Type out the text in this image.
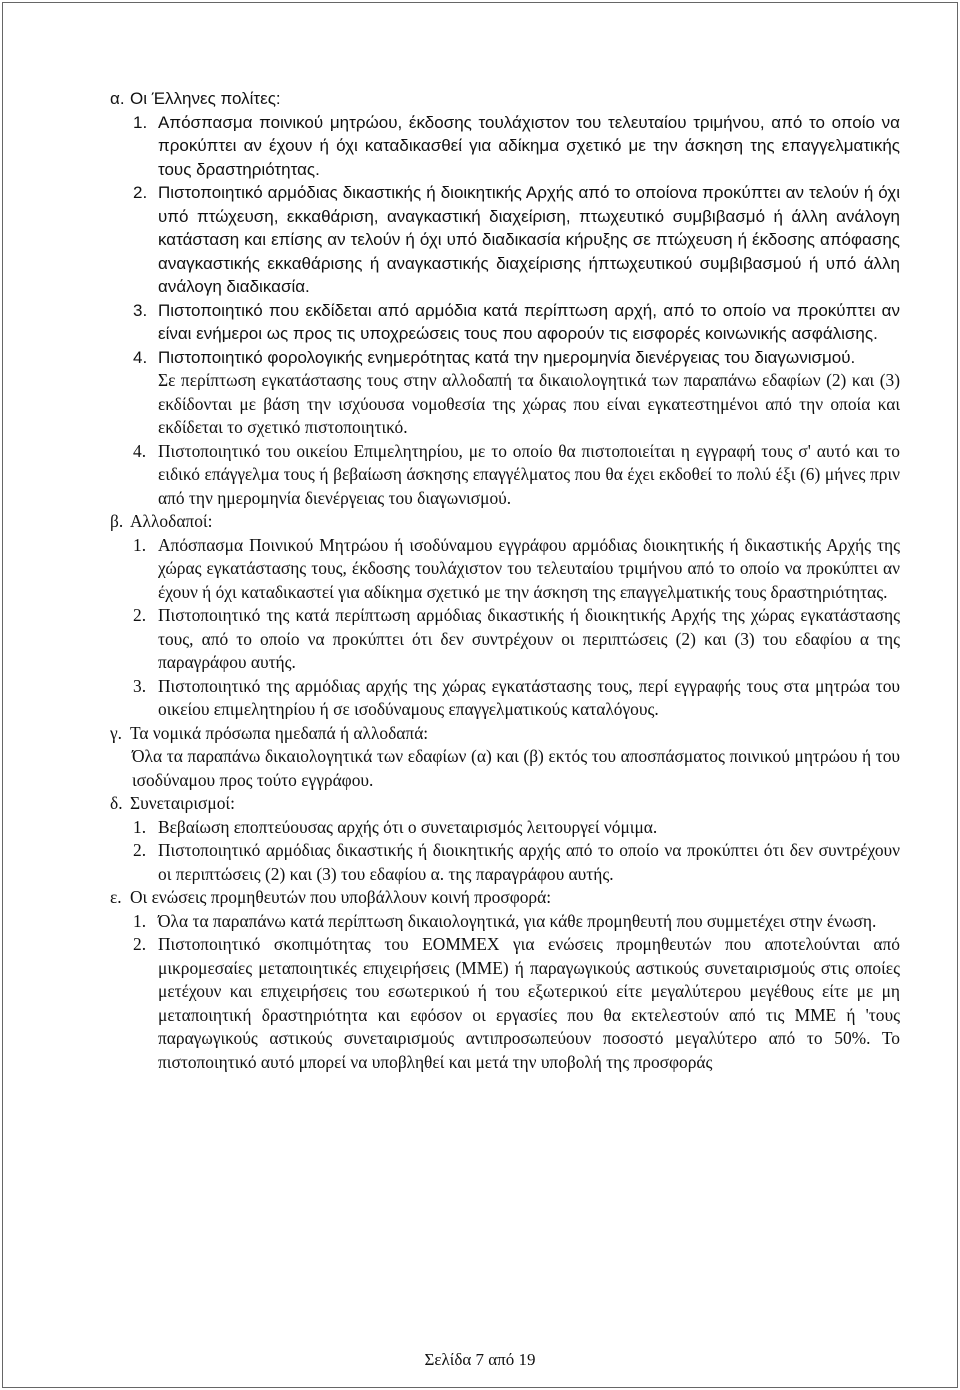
α. Οι Έλληνες πολίτες:
1. Απόσπασμα ποινικού μητρώου, έκδοσης τουλάχιστον του τελευταίου τριμήνου, από το οποίο να προκύπτει αν έχουν ή όχι καταδικασθεί για αδίκημα σχετικό με την άσκηση της επαγγελματικής τους δραστηριότητας.
2. Πιστοποιητικό αρμόδιας δικαστικής ή διοικητικής Αρχής από το οποίονα προκύπτει αν τελούν ή όχι υπό πτώχευση, εκκαθάριση, αναγκαστική διαχείριση, πτωχευτικό συμβιβασμό ή άλλη ανάλογη κατάσταση και επίσης αν τελούν ή όχι υπό διαδικασία κήρυξης σε πτώχευση ή έκδοσης απόφασης αναγκαστικής εκκαθάρισης ή αναγκαστικής διαχείρισης ήπτωχευτικού συμβιβασμού ή υπό άλλη ανάλογη διαδικασία.
3. Πιστοποιητικό που εκδίδεται από αρμόδια κατά περίπτωση αρχή, από το οποίο να προκύπτει αν είναι ενήμεροι ως προς τις υποχρεώσεις τους που αφορούν τις εισφορές κοινωνικής ασφάλισης.
4. Πιστοποιητικό φορολογικής ενημερότητας κατά την ημερομηνία διενέργειας του διαγωνισμού.
Σε περίπτωση εγκατάστασης τους στην αλλοδαπή τα δικαιολογητικά των παραπάνω εδαφίων (2) και (3) εκδίδονται με βάση την ισχύουσα νομοθεσία της χώρας που είναι εγκατεστημένοι από την οποία και εκδίδεται το σχετικό πιστοποιητικό.
4. Πιστοποιητικό του οικείου Επιμελητηρίου, με το οποίο θα πιστοποιείται η εγγραφή τους σ' αυτό και το ειδικό επάγγελμα τους ή βεβαίωση άσκησης επαγγέλματος που θα έχει εκδοθεί το πολύ έξι (6) μήνες πριν από την ημερομηνία διενέργειας του διαγωνισμού.
β. Αλλοδαποί:
1. Απόσπασμα Ποινικού Μητρώου ή ισοδύναμου εγγράφου αρμόδιας διοικητικής ή δικαστικής Αρχής της χώρας εγκατάστασης τους, έκδοσης τουλάχιστον του τελευταίου τριμήνου από το οποίο να προκύπτει αν έχουν ή όχι καταδικαστεί για αδίκημα σχετικό με την άσκηση της επαγγελματικής τους δραστηριότητας.
2. Πιστοποιητικό της κατά περίπτωση αρμόδιας δικαστικής ή διοικητικής Αρχής της χώρας εγκατάστασης τους, από το οποίο να προκύπτει ότι δεν συντρέχουν οι περιπτώσεις (2) και (3) του εδαφίου α της παραγράφου αυτής.
3. Πιστοποιητικό της αρμόδιας αρχής της χώρας εγκατάστασης τους, περί εγγραφής τους στα μητρώα του οικείου επιμελητηρίου ή σε ισοδύναμους επαγγελματικούς καταλόγους.
γ. Τα νομικά πρόσωπα ημεδαπά ή αλλοδαπά:
Όλα τα παραπάνω δικαιολογητικά των εδαφίων (α) και (β) εκτός του αποσπάσματος ποινικού μητρώου ή του ισοδύναμου προς τούτο εγγράφου.
δ. Συνεταιρισμοί:
1. Βεβαίωση εποπτεύουσας αρχής ότι ο συνεταιρισμός λειτουργεί νόμιμα.
2. Πιστοποιητικό αρμόδιας δικαστικής ή διοικητικής αρχής από το οποίο να προκύπτει ότι δεν συντρέχουν οι περιπτώσεις (2) και (3) του εδαφίου α. της παραγράφου αυτής.
ε. Οι ενώσεις προμηθευτών που υποβάλλουν κοινή προσφορά:
1. Όλα τα παραπάνω κατά περίπτωση δικαιολογητικά, για κάθε προμηθευτή που συμμετέχει στην ένωση.
2. Πιστοποιητικό σκοπιμότητας του ΕΟΜΜΕΧ για ενώσεις προμηθευτών που αποτελούνται από μικρομεσαίες μεταποιητικές επιχειρήσεις (ΜΜΕ) ή παραγωγικούς αστικούς συνεταιρισμούς στις οποίες μετέχουν και επιχειρήσεις του εσωτερικού ή του εξωτερικού είτε μεγαλύτερου μεγέθους είτε με μη μεταποιητική δραστηριότητα και εφόσον οι εργασίες που θα εκτελεστούν από τις ΜΜΕ ή 'τους παραγωγικούς αστικούς συνεταιρισμούς αντιπροσωπεύουν ποσοστό μεγαλύτερο από το 50%. Το πιστοποιητικό αυτό μπορεί να υποβληθεί και μετά την υποβολή της προσφοράς
Σελίδα 7 από 19
